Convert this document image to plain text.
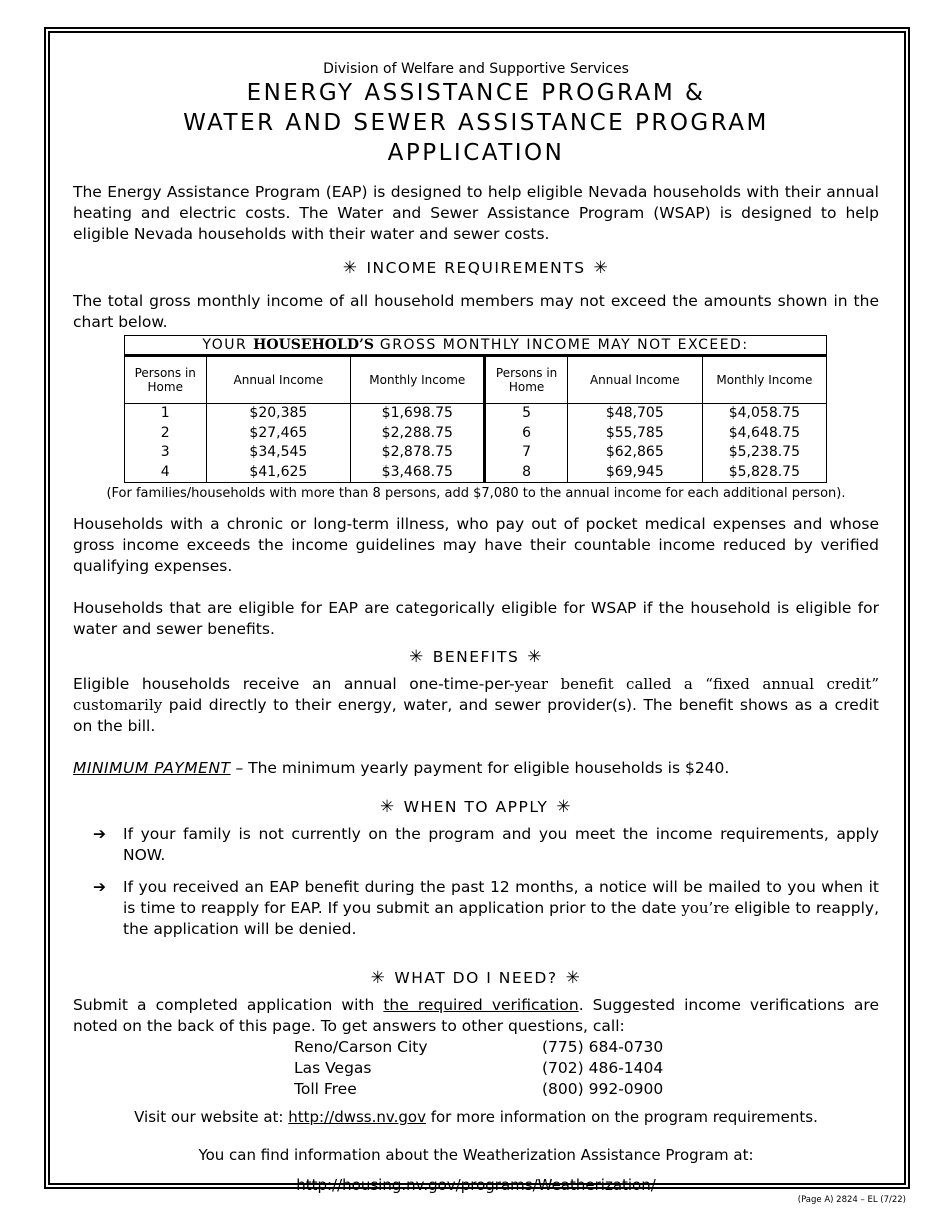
Division of Welfare and Supportive Services
ENERGY ASSISTANCE PROGRAM &
WATER AND SEWER ASSISTANCE PROGRAM
APPLICATION

The Energy Assistance Program (EAP) is designed to help eligible Nevada households with their annual heating and electric costs. The Water and Sewer Assistance Program (WSAP) is designed to help eligible Nevada households with their water and sewer costs.

✳ INCOME REQUIREMENTS ✳

The total gross monthly income of all household members may not exceed the amounts shown in the chart below.

YOUR HOUSEHOLD’S GROSS MONTHLY INCOME MAY NOT EXCEED:					
Persons in Home	Annual Income	Monthly Income	Persons in Home	Annual Income	Monthly Income
1	$20,385	$1,698.75	5	$48,705	$4,058.75
2	$27,465	$2,288.75	6	$55,785	$4,648.75
3	$34,545	$2,878.75	7	$62,865	$5,238.75
4	$41,625	$3,468.75	8	$69,945	$5,828.75
(For families/households with more than 8 persons, add $7,080 to the annual income for each additional person).

Households with a chronic or long-term illness, who pay out of pocket medical expenses and whose gross income exceeds the income guidelines may have their countable income reduced by verified qualifying expenses.

Households that are eligible for EAP are categorically eligible for WSAP if the household is eligible for water and sewer benefits.

✳ BENEFITS ✳

Eligible households receive an annual one-time-per-year benefit called a “fixed annual credit” customarily paid directly to their energy, water, and sewer provider(s). The benefit shows as a credit on the bill.

MINIMUM PAYMENT – The minimum yearly payment for eligible households is $240.

✳ WHEN TO APPLY ✳
➔	If your family is not currently on the program and you meet the income requirements, apply NOW.
➔	If you received an EAP benefit during the past 12 months, a notice will be mailed to you when it is time to reapply for EAP. If you submit an application prior to the date you’re eligible to reapply, the application will be denied.
✳ WHAT DO I NEED? ✳

Submit a completed application with the required verification. Suggested income verifications are noted on the back of this page. To get answers to other questions, call:

Reno/Carson City	(775) 684-0730
Las Vegas	(702) 486-1404
Toll Free	(800) 992-0900
Visit our website at: http://dwss.nv.gov for more information on the program requirements.
You can find information about the Weatherization Assistance Program at:
http://housing.nv.gov/programs/Weatherization/
(Page A) 2824 – EL (7/22)
